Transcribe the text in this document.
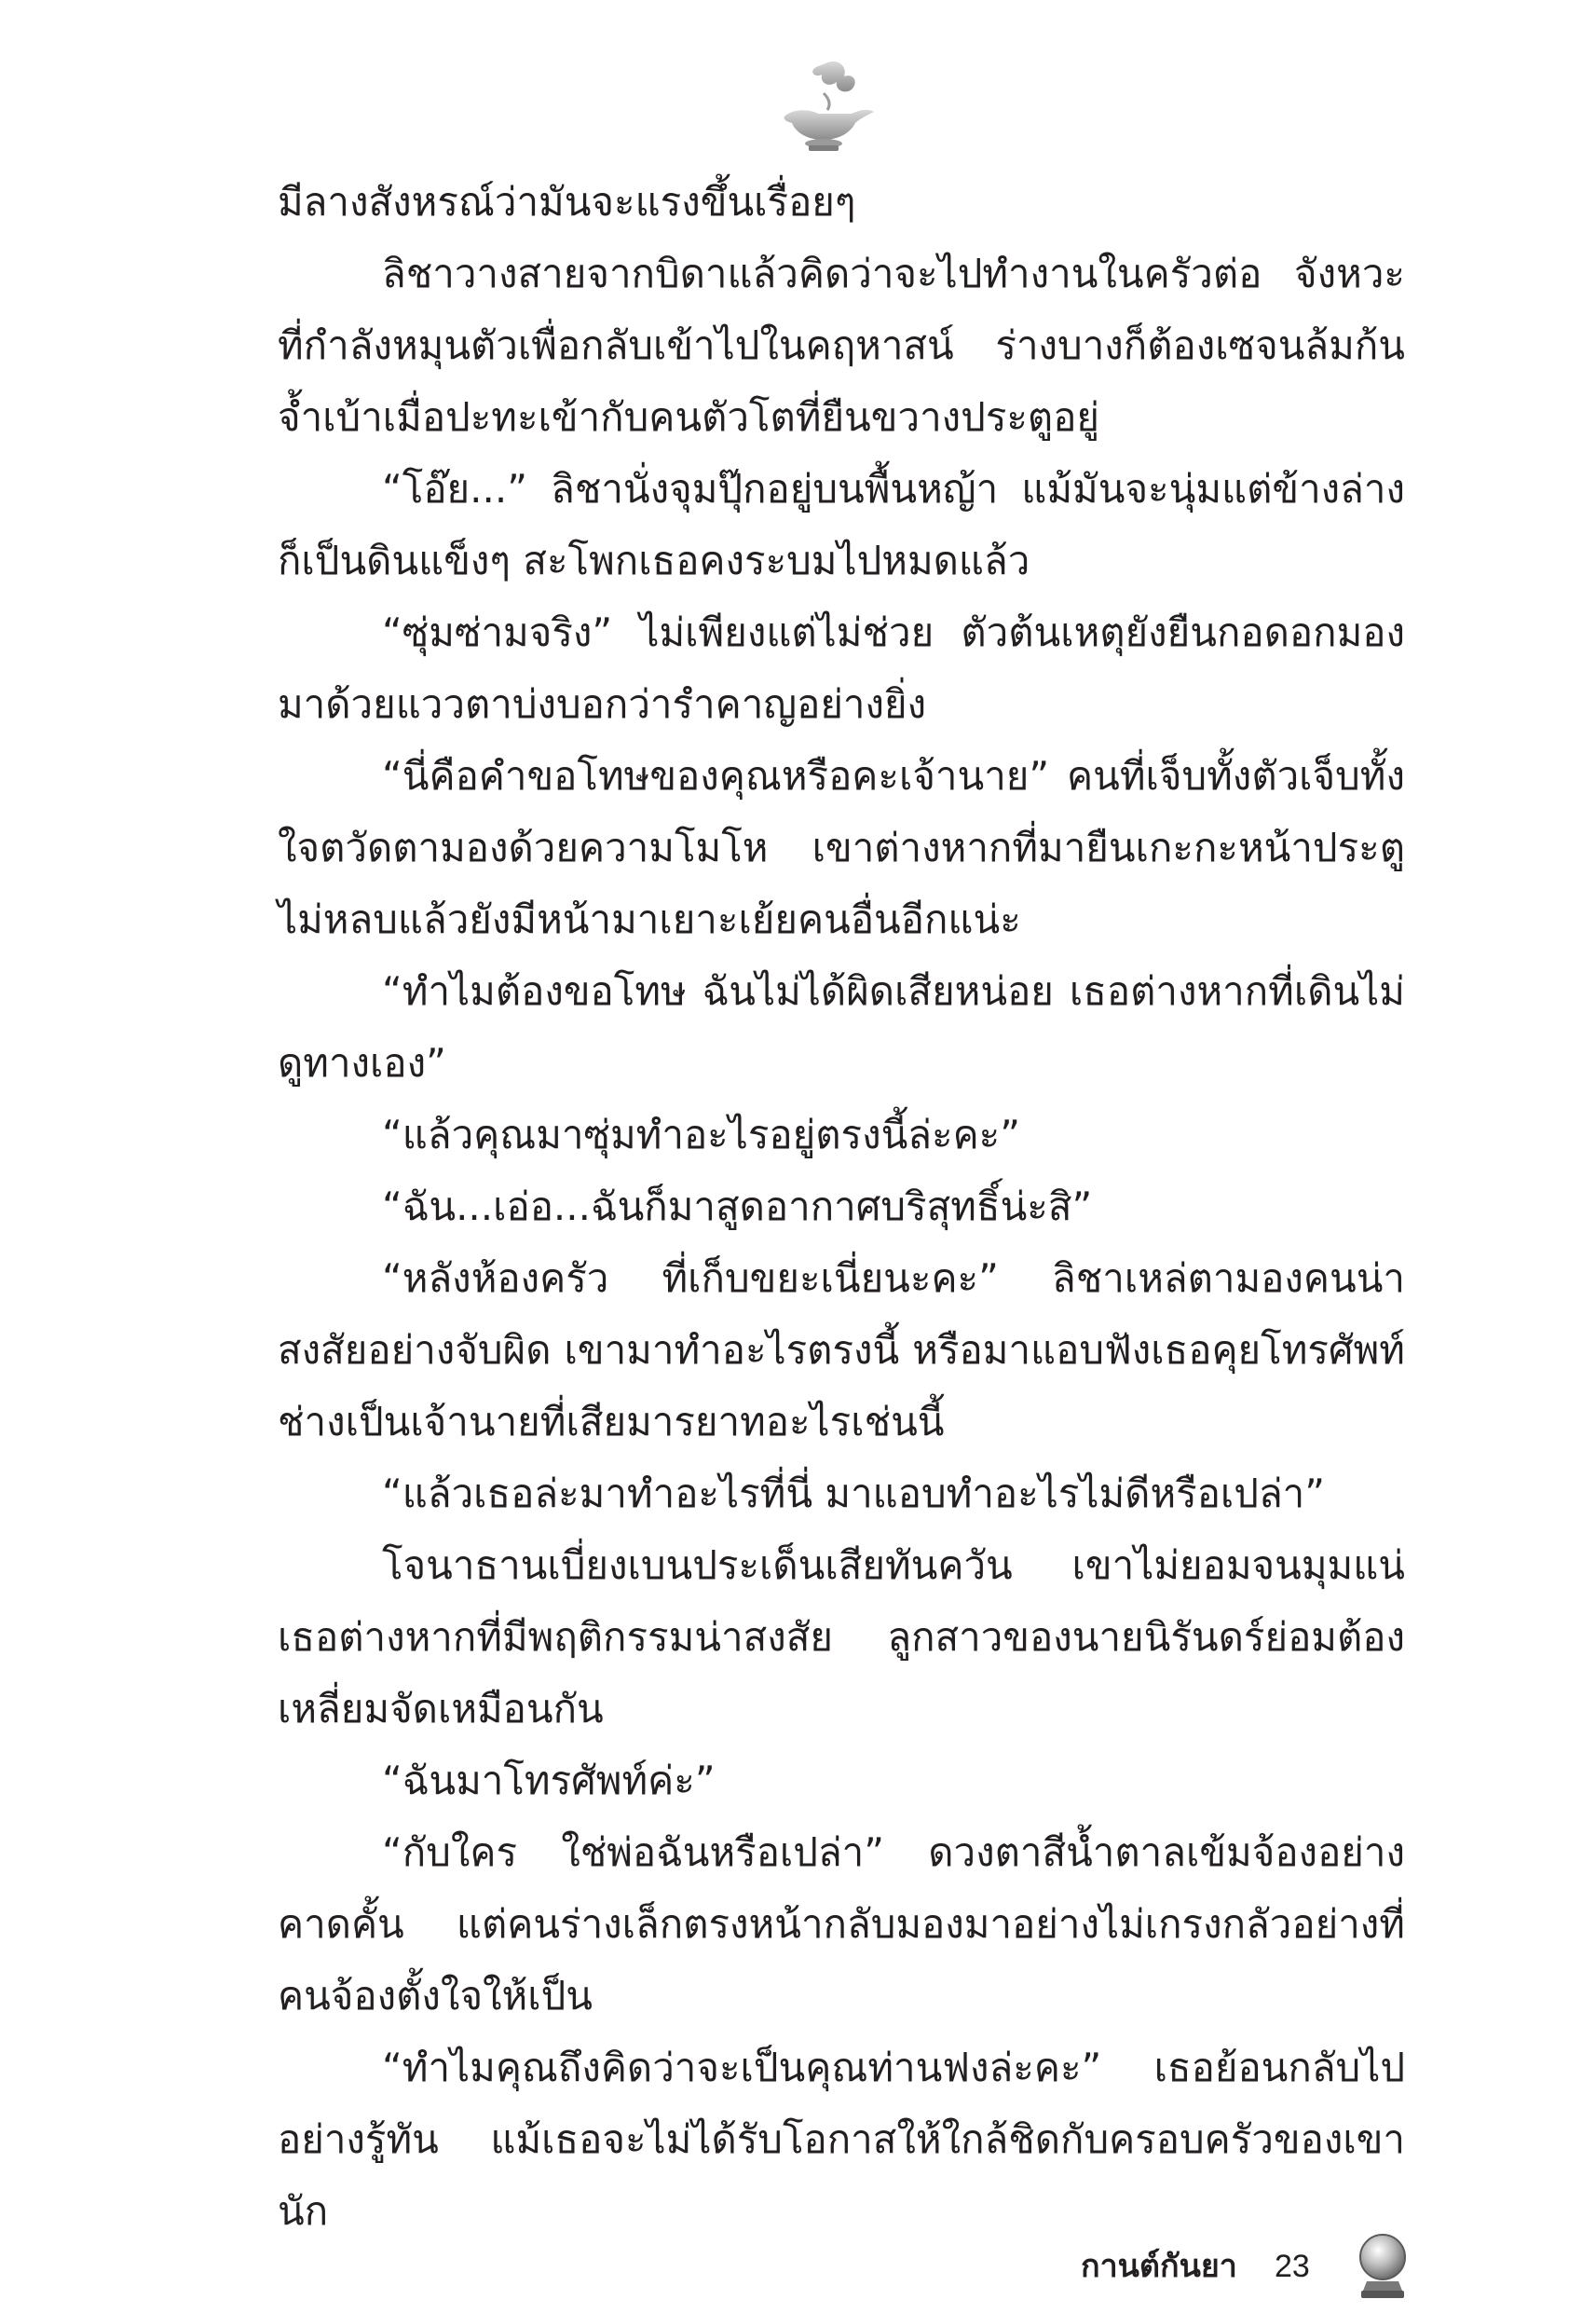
มีลางสังหรณ์ว่ามันจะแรงขึ้นเรื่อยๆ

ลิชาวางสายจากบิดาแล้วคิดว่าจะไปทำงานในครัวต่อ จังหวะที่กำลังหมุนตัวเพื่อกลับเข้าไปในคฤหาสน์ ร่างบางก็ต้องเซจนล้มก้นจ้ำเบ้าเมื่อปะทะเข้ากับคนตัวโตที่ยืนขวางประตูอยู่

“โอ๊ย...” ลิชานั่งจุมปุ๊กอยู่บนพื้นหญ้า แม้มันจะนุ่มแต่ข้างล่างก็เป็นดินแข็งๆ สะโพกเธอคงระบมไปหมดแล้ว

“ซุ่มซ่ามจริง” ไม่เพียงแต่ไม่ช่วย ตัวต้นเหตุยังยืนกอดอกมองมาด้วยแววตาบ่งบอกว่ารำคาญอย่างยิ่ง

“นี่คือคำขอโทษของคุณหรือคะเจ้านาย” คนที่เจ็บทั้งตัวเจ็บทั้งใจตวัดตามองด้วยความโมโห เขาต่างหากที่มายืนเกะกะหน้าประตู ไม่หลบแล้วยังมีหน้ามาเยาะเย้ยคนอื่นอีกแน่ะ

“ทำไมต้องขอโทษ ฉันไม่ได้ผิดเสียหน่อย เธอต่างหากที่เดินไม่ดูทางเอง”

“แล้วคุณมาซุ่มทำอะไรอยู่ตรงนี้ล่ะคะ”

“ฉัน...เอ่อ...ฉันก็มาสูดอากาศบริสุทธิ์น่ะสิ”

“หลังห้องครัว ที่เก็บขยะเนี่ยนะคะ” ลิชาเหล่ตามองคนน่าสงสัยอย่างจับผิด เขามาทำอะไรตรงนี้ หรือมาแอบฟังเธอคุยโทรศัพท์ ช่างเป็นเจ้านายที่เสียมารยาทอะไรเช่นนี้

“แล้วเธอล่ะมาทำอะไรที่นี่ มาแอบทำอะไรไม่ดีหรือเปล่า”

โจนาธานเบี่ยงเบนประเด็นเสียทันควัน เขาไม่ยอมจนมุมแน่เธอต่างหากที่มีพฤติกรรมน่าสงสัย ลูกสาวของนายนิรันดร์ย่อมต้องเหลี่ยมจัดเหมือนกัน

“ฉันมาโทรศัพท์ค่ะ”

“กับใคร ใช่พ่อฉันหรือเปล่า” ดวงตาสีน้ำตาลเข้มจ้องอย่างคาดคั้น แต่คนร่างเล็กตรงหน้ากลับมองมาอย่างไม่เกรงกลัวอย่างที่คนจ้องตั้งใจให้เป็น

“ทำไมคุณถึงคิดว่าจะเป็นคุณท่านฟงล่ะคะ” เธอย้อนกลับไปอย่างรู้ทัน แม้เธอจะไม่ได้รับโอกาสให้ใกล้ชิดกับครอบครัวของเขานัก

กานต์กันยา 23
